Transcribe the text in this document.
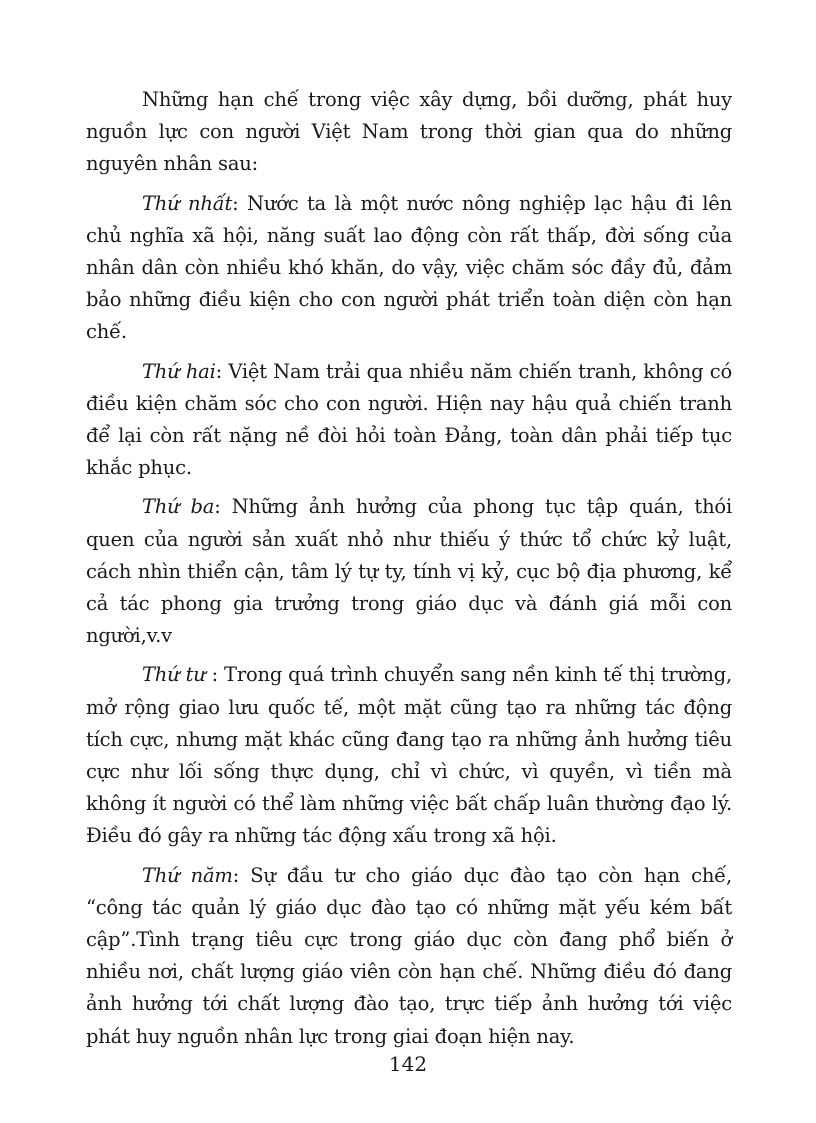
Những hạn chế trong việc xây dựng, bồi dưỡng, phát huy nguồn lực con người Việt Nam trong thời gian qua do những nguyên nhân sau:

Thứ nhất: Nước ta là một nước nông nghiệp lạc hậu đi lên chủ nghĩa xã hội, năng suất lao động còn rất thấp, đời sống của nhân dân còn nhiều khó khăn, do vậy, việc chăm sóc đầy đủ, đảm bảo những điều kiện cho con người phát triển toàn diện còn hạn chế.

Thứ hai: Việt Nam trải qua nhiều năm chiến tranh, không có điều kiện chăm sóc cho con người. Hiện nay hậu quả chiến tranh để lại còn rất nặng nề đòi hỏi toàn Đảng, toàn dân phải tiếp tục khắc phục.

Thứ ba: Những ảnh hưởng của phong tục tập quán, thói quen của người sản xuất nhỏ như thiếu ý thức tổ chức kỷ luật, cách nhìn thiển cận, tâm lý tự ty, tính vị kỷ, cục bộ địa phương, kể cả tác phong gia trưởng trong giáo dục và đánh giá mỗi con người,v.v

Thứ tư : Trong quá trình chuyển sang nền kinh tế thị trường, mở rộng giao lưu quốc tế, một mặt cũng tạo ra những tác động tích cực, nhưng mặt khác cũng đang tạo ra những ảnh hưởng tiêu cực như lối sống thực dụng, chỉ vì chức, vì quyền, vì tiền mà không ít người có thể làm những việc bất chấp luân thường đạo lý. Điều đó gây ra những tác động xấu trong xã hội.

Thứ năm: Sự đầu tư cho giáo dục đào tạo còn hạn chế, “công tác quản lý giáo dục đào tạo có những mặt yếu kém bất cập”.Tình trạng tiêu cực trong giáo dục còn đang phổ biến ở nhiều nơi, chất lượng giáo viên còn hạn chế. Những điều đó đang ảnh hưởng tới chất lượng đào tạo, trực tiếp ảnh hưởng tới việc phát huy nguồn nhân lực trong giai đoạn hiện nay.

142
